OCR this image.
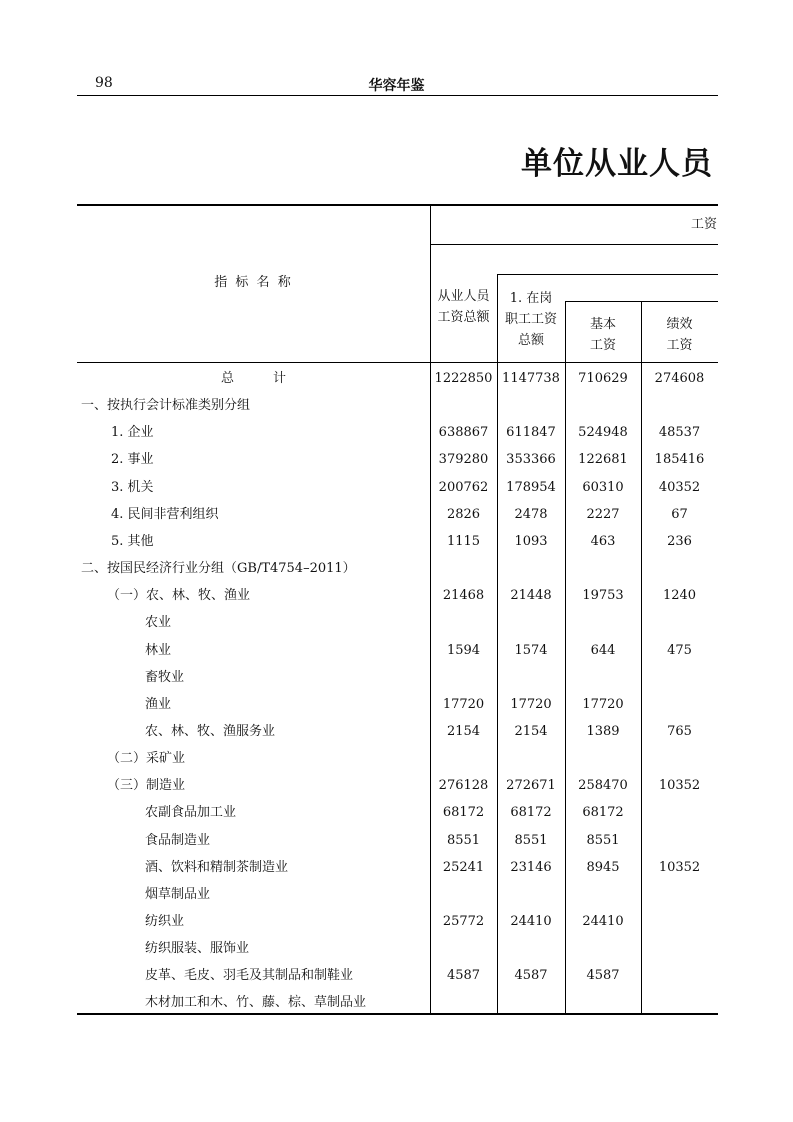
98	华容年鉴
单位从业人员
指 标 名 称
工资
从业人员
工资总额
1. 在岗
职工工资
总额
基本
工资
绩效
工资
总　　　计	1222850 1147738	710629	274608
一、按执行会计标准类别分组
1. 企业	638867	611847	524948	48537
2. 事业	379280	353366	122681	185416
3. 机关	200762	178954	60310	40352
4. 民间非营利组织	2826	2478	2227	67
5. 其他	1115	1093	463	236
二、按国民经济行业分组（GB/T4754–2011）
（一）农、林、牧、渔业	21468	21448	19753	1240
农业
林业	1594	1574	644	475
畜牧业
渔业	17720	17720	17720
农、林、牧、渔服务业	2154	2154	1389	765
（二）采矿业
（三）制造业	276128	272671	258470	10352
农副食品加工业	68172	68172	68172
食品制造业	8551	8551	8551
酒、饮料和精制茶制造业	25241	23146	8945	10352
烟草制品业
纺织业	25772	24410	24410
纺织服装、服饰业
皮革、毛皮、羽毛及其制品和制鞋业	4587	4587	4587
木材加工和木、竹、藤、棕、草制品业
